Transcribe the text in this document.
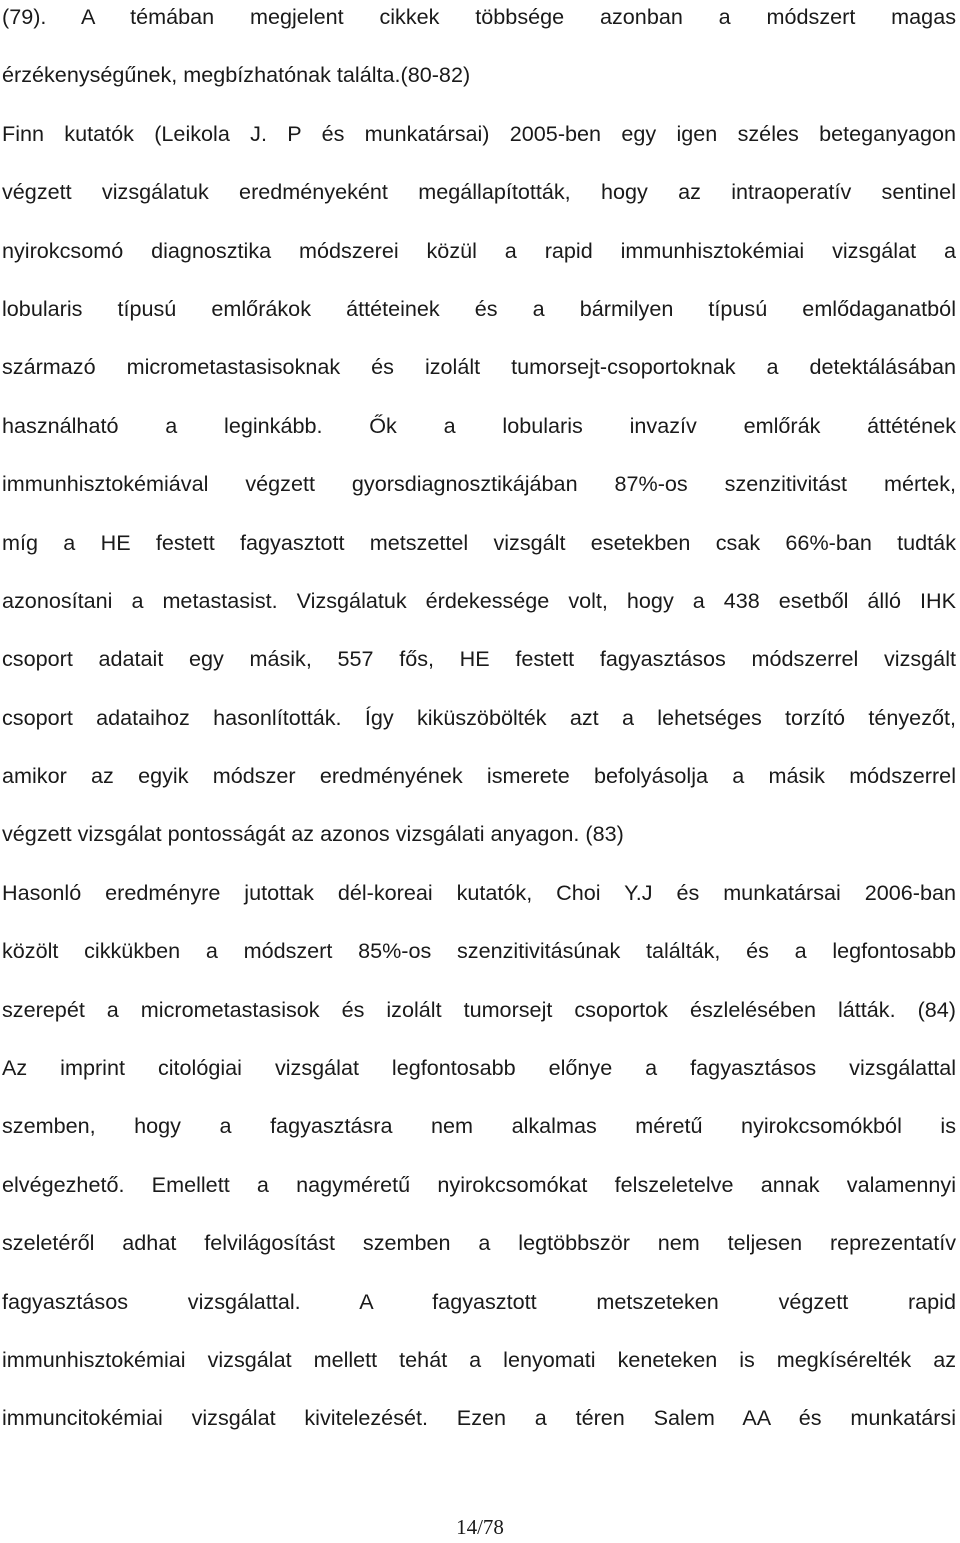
(79). A témában megjelent cikkek többsége azonban a módszert magas
érzékenységűnek, megbízhatónak találta.(80-82)
Finn kutatók (Leikola J. P és munkatársai) 2005-ben egy igen széles beteganyagon
végzett vizsgálatuk eredményeként megállapították, hogy az intraoperatív sentinel
nyirokcsomó diagnosztika módszerei közül a rapid immunhisztokémiai vizsgálat a
lobularis típusú emlőrákok áttéteinek és a bármilyen típusú emlődaganatból
származó micrometastasisoknak és izolált tumorsejt-csoportoknak a detektálásában
használható a leginkább. Ők a lobularis invazív emlőrák áttétének
immunhisztokémiával végzett gyorsdiagnosztikájában 87%-os szenzitivitást mértek,
míg a HE festett fagyasztott metszettel vizsgált esetekben csak 66%-ban tudták
azonosítani a metastasist. Vizsgálatuk érdekessége volt, hogy a 438 esetből álló IHK
csoport adatait egy másik, 557 fős, HE festett fagyasztásos módszerrel vizsgált
csoport adataihoz hasonlították. Így kiküszöbölték azt a lehetséges torzító tényezőt,
amikor az egyik módszer eredményének ismerete befolyásolja a másik módszerrel
végzett vizsgálat pontosságát az azonos vizsgálati anyagon. (83)
Hasonló eredményre jutottak dél-koreai kutatók, Choi Y.J és munkatársai 2006-ban
közölt cikkükben a módszert 85%-os szenzitivitásúnak találták, és a legfontosabb
szerepét a micrometastasisok és izolált tumorsejt csoportok észlelésében látták. (84)
Az imprint citológiai vizsgálat legfontosabb előnye a fagyasztásos vizsgálattal
szemben, hogy a fagyasztásra nem alkalmas méretű nyirokcsomókból is
elvégezhető. Emellett a nagyméretű nyirokcsomókat felszeletelve annak valamennyi
szeletéről adhat felvilágosítást szemben a legtöbbször nem teljesen reprezentatív
fagyasztásos vizsgálattal. A fagyasztott metszeteken végzett rapid
immunhisztokémiai vizsgálat mellett tehát a lenyomati keneteken is megkísérelték az
immuncitokémiai vizsgálat kivitelezését. Ezen a téren Salem AA és munkatársi
14/78
